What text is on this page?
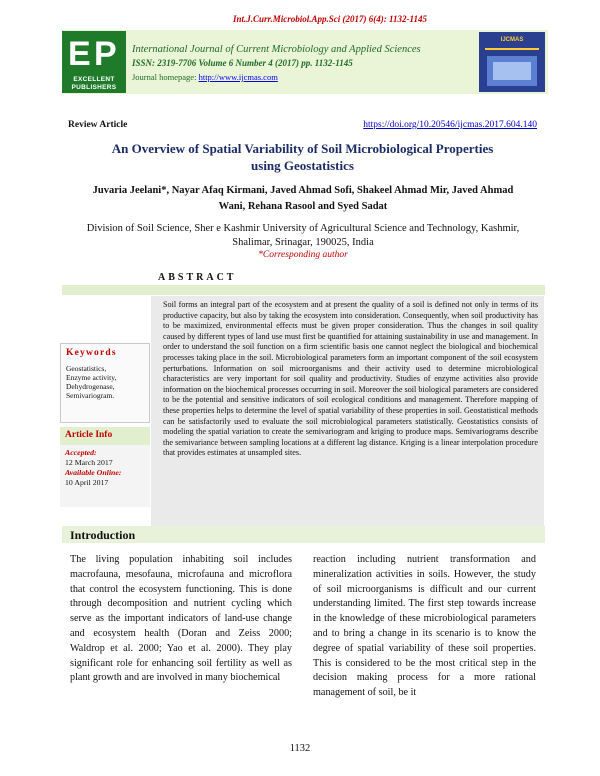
Int.J.Curr.Microbiol.App.Sci (2017) 6(4): 1132-1145
E P
EXCELLENT
PUBLISHERS
International Journal of Current Microbiology and Applied Sciences
ISSN: 2319-7706 Volume 6 Number 4 (2017) pp. 1132-1145
Journal homepage: http://www.ijcmas.com
IJCMAS
Review Article	https://doi.org/10.20546/ijcmas.2017.604.140
An Overview of Spatial Variability of Soil Microbiological Properties using Geostatistics
Juvaria Jeelani*, Nayar Afaq Kirmani, Javed Ahmad Sofi, Shakeel Ahmad Mir, Javed Ahmad Wani, Rehana Rasool and Syed Sadat
Division of Soil Science, Sher e Kashmir University of Agricultural Science and Technology, Kashmir, Shalimar, Srinagar, 190025, India
*Corresponding author
ABSTRACT
Keywords
Geostatistics,
Enzyme activity,
Dehydrogenase,
Semivariogram.
Article Info
Accepted:
12 March 2017
Available Online:
10 April 2017

Soil forms an integral part of the ecosystem and at present the quality of a soil is defined not only in terms of its productive capacity, but also by taking the ecosystem into consideration. Consequently, when soil productivity has to be maximized, environmental effects must be given proper consideration. Thus the changes in soil quality caused by different types of land use must first be quantified for attaining sustainability in use and management. In order to understand the soil function on a firm scientific basis one cannot neglect the biological and biochemical processes taking place in the soil. Microbiological parameters form an important component of the soil ecosystem perturbations. Information on soil microorganisms and their activity used to determine microbiological characteristics are very important for soil quality and productivity. Studies of enzyme activities also provide information on the biochemical processes occurring in soil. Moreover the soil biological parameters are considered to be the potential and sensitive indicators of soil ecological conditions and management. Therefore mapping of these properties helps to determine the level of spatial variability of these properties in soil. Geostatistical methods can be satisfactorily used to evaluate the soil microbiological parameters statistically. Geostatistics consists of modeling the spatial variation to create the semivariogram and kriging to produce maps. Semivariograms describe the semivariance between sampling locations at a different lag distance. Kriging is a linear interpolation procedure that provides estimates at unsampled sites.

Introduction

The living population inhabiting soil includes macrofauna, mesofauna, microfauna and microflora that control the ecosystem functioning. This is done through decomposition and nutrient cycling which serve as the important indicators of land-use change and ecosystem health (Doran and Zeiss 2000; Waldrop et al. 2000; Yao et al. 2000). They play significant role for enhancing soil fertility as well as plant growth and are involved in many biochemical

reaction including nutrient transformation and mineralization activities in soils. However, the study of soil microorganisms is difficult and our current understanding limited. The first step towards increase in the knowledge of these microbiological parameters and to bring a change in its scenario is to know the degree of spatial variability of these soil properties. This is considered to be the most critical step in the decision making process for a more rational management of soil, be it

1132
